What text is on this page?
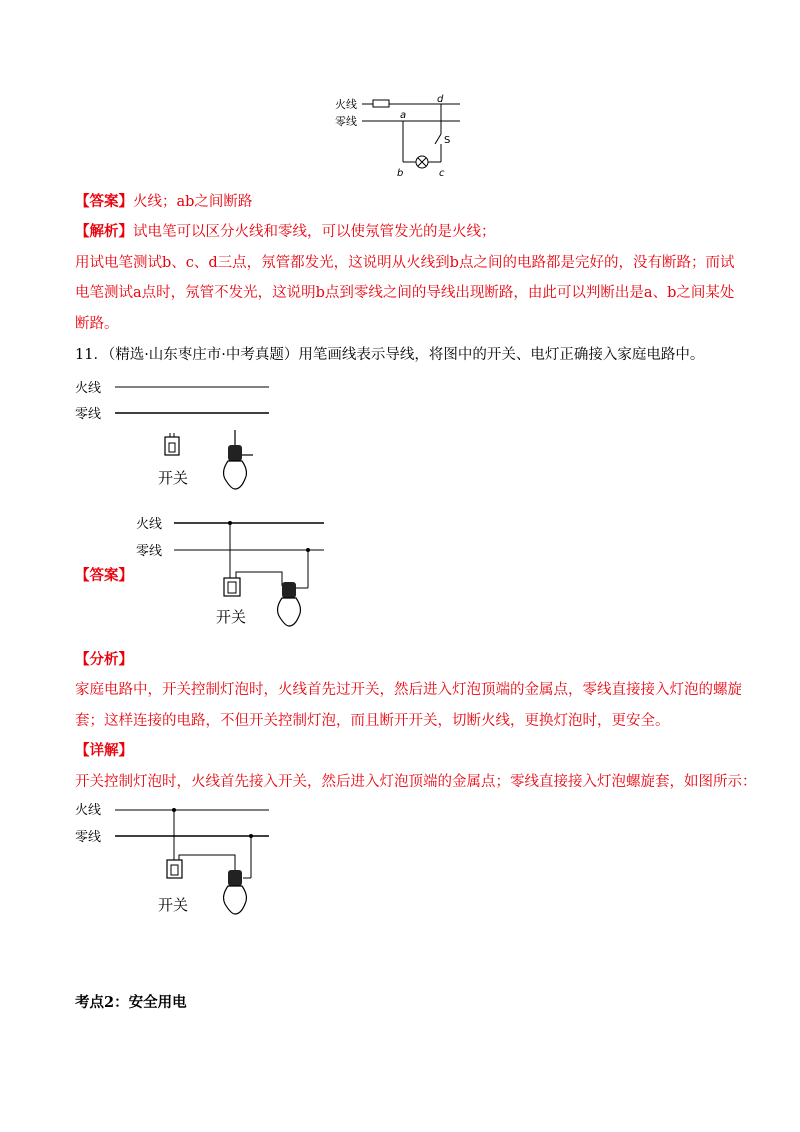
火线
零线
d
a
S
b	c
【答案】火线；ab之间断路
【解析】试电笔可以区分火线和零线，可以使氖管发光的是火线；
用试电笔测试b、c、d三点，氖管都发光，这说明从火线到b点之间的电路都是完好的，没有断路；而试
电笔测试a点时，氖管不发光，这说明b点到零线之间的导线出现断路，由此可以判断出是a、b之间某处
断路。
11．（精选·山东枣庄市·中考真题）用笔画线表示导线，将图中的开关、电灯正确接入家庭电路中。
火线
零线
开关
【答案】
火线
零线
开关
【分析】
家庭电路中，开关控制灯泡时，火线首先过开关，然后进入灯泡顶端的金属点，零线直接接入灯泡的螺旋
套；这样连接的电路，不但开关控制灯泡，而且断开开关，切断火线，更换灯泡时，更安全。
【详解】
开关控制灯泡时，火线首先接入开关，然后进入灯泡顶端的金属点；零线直接接入灯泡螺旋套，如图所示：
火线
零线
开关
考点2：安全用电
